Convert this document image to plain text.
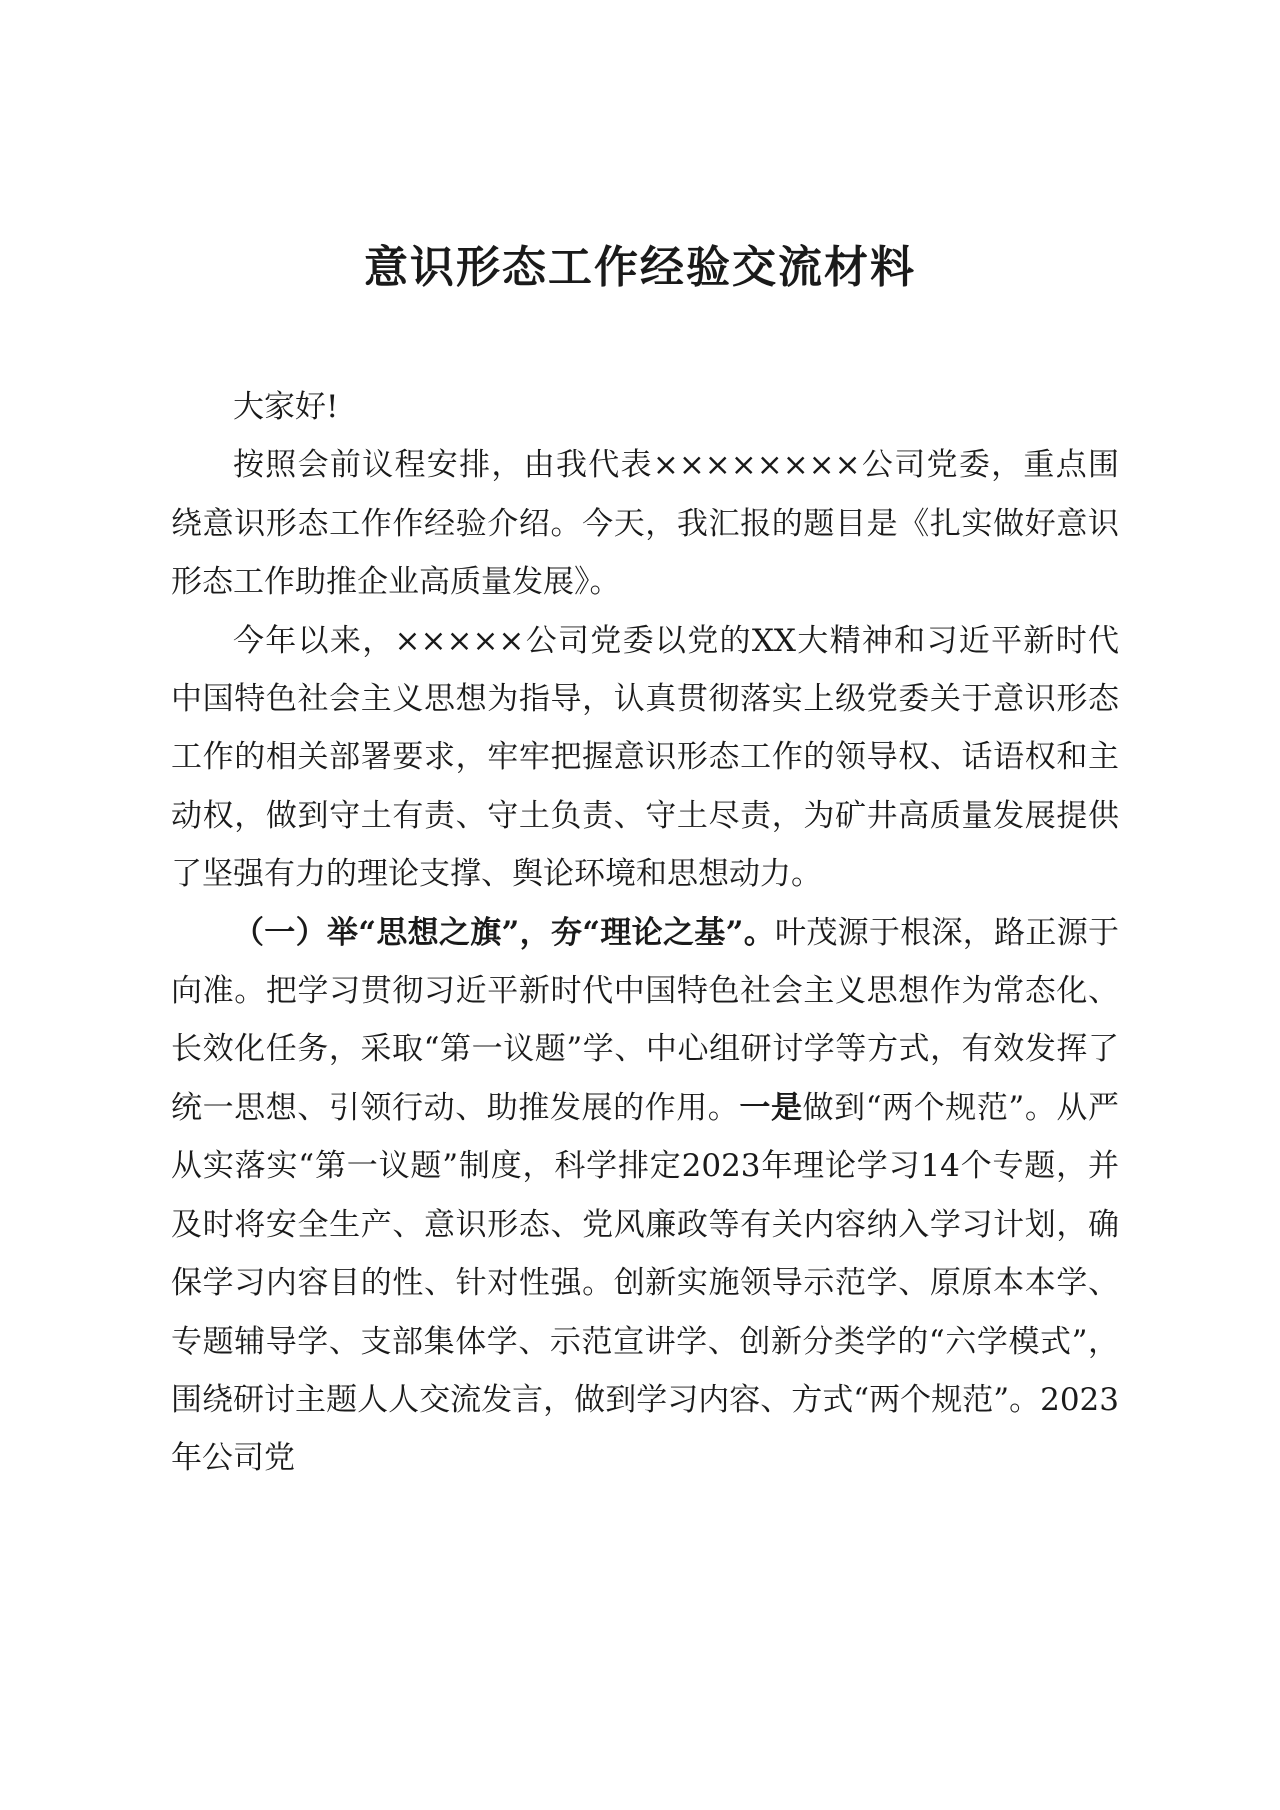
意识形态工作经验交流材料

大家好!

按照会前议程安排，由我代表××××××××公司党委，重点围绕意识形态工作作经验介绍。今天，我汇报的题目是《扎实做好意识形态工作助推企业高质量发展》。

今年以来，×××××公司党委以党的XX大精神和习近平新时代中国特色社会主义思想为指导，认真贯彻落实上级党委关于意识形态工作的相关部署要求，牢牢把握意识形态工作的领导权、话语权和主动权，做到守土有责、守土负责、守土尽责，为矿井高质量发展提供了坚强有力的理论支撑、舆论环境和思想动力。

（一）举“思想之旗”，夯“理论之基”。叶茂源于根深，路正源于向准。把学习贯彻习近平新时代中国特色社会主义思想作为常态化、长效化任务，采取“第一议题”学、中心组研讨学等方式，有效发挥了统一思想、引领行动、助推发展的作用。一是做到“两个规范”。从严从实落实“第一议题”制度，科学排定2023年理论学习14个专题，并及时将安全生产、意识形态、党风廉政等有关内容纳入学习计划，确保学习内容目的性、针对性强。创新实施领导示范学、原原本本学、专题辅导学、支部集体学、示范宣讲学、创新分类学的“六学模式”，围绕研讨主题人人交流发言，做到学习内容、方式“两个规范”。2023年公司党
